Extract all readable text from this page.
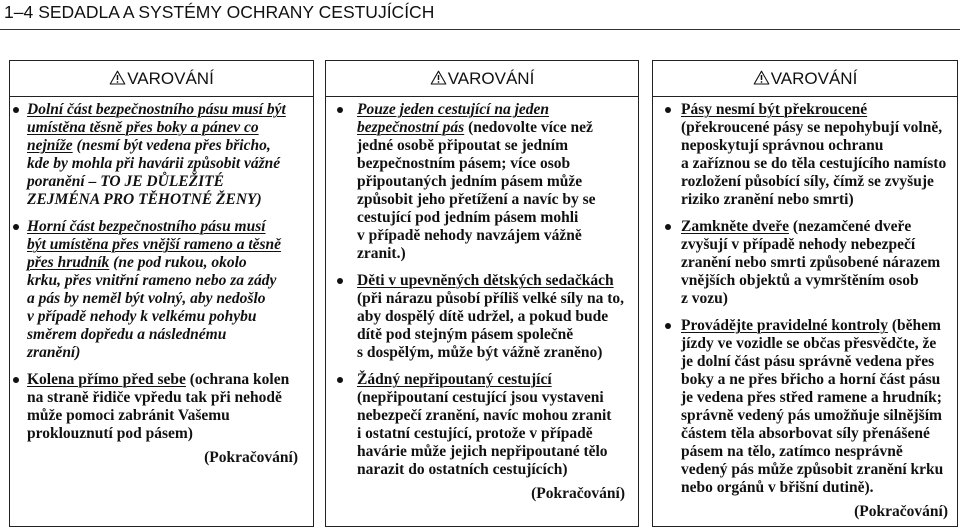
1–4 SEDADLA A SYSTÉMY OCHRANY CESTUJÍCÍCH
VAROVÁNÍ
Dolní část bezpečnostního pásu musí být
umístěna těsně přes boky a pánev co
nejníže (nesmí být vedena přes břicho,
kde by mohla při havárii způsobit vážné
poranění – TO JE DŮLEŽITÉ
ZEJMÉNA PRO TĚHOTNÉ ŽENY)
Horní část bezpečnostního pásu musí
být umístěna přes vnější rameno a těsně
přes hrudník (ne pod rukou, okolo
krku, přes vnitřní rameno nebo za zády
a pás by neměl být volný, aby nedošlo
v případě nehody k velkému pohybu
směrem dopředu a následnému
zranění)
Kolena přímo před sebe (ochrana kolen
na straně řidiče vpředu tak při nehodě
může pomoci zabránit Vašemu
proklouznutí pod pásem)
(Pokračování)
VAROVÁNÍ
Pouze jeden cestující na jeden
bezpečnostní pás (nedovolte více než
jedné osobě připoutat se jedním
bezpečnostním pásem; více osob
připoutaných jedním pásem může
způsobit jeho přetížení a navíc by se
cestující pod jedním pásem mohli
v případě nehody navzájem vážně
zranit.)
Děti v upevněných dětských sedačkách
(při nárazu působí příliš velké síly na to,
aby dospělý dítě udržel, a pokud bude
dítě pod stejným pásem společně
s dospělým, může být vážně zraněno)
Žádný nepřipoutaný cestující
(nepřipoutaní cestující jsou vystaveni
nebezpečí zranění, navíc mohou zranit
i ostatní cestující, protože v případě
havárie může jejich nepřipoutané tělo
narazit do ostatních cestujících)
(Pokračování)
VAROVÁNÍ
Pásy nesmí být překroucené
(překroucené pásy se nepohybují volně,
neposkytují správnou ochranu
a zaříznou se do těla cestujícího namísto
rozložení působící síly, čímž se zvyšuje
riziko zranění nebo smrti)
Zamkněte dveře (nezamčené dveře
zvyšují v případě nehody nebezpečí
zranění nebo smrti způsobené nárazem
vnějších objektů a vymrštěním osob
z vozu)
Provádějte pravidelné kontroly (během
jízdy ve vozidle se občas přesvědčte, že
je dolní část pásu správně vedena přes
boky a ne přes břicho a horní část pásu
je vedena přes střed ramene a hrudník;
správně vedený pás umožňuje silnějším
částem těla absorbovat síly přenášené
pásem na tělo, zatímco nesprávně
vedený pás může způsobit zranění krku
nebo orgánů v břišní dutině).
(Pokračování)
